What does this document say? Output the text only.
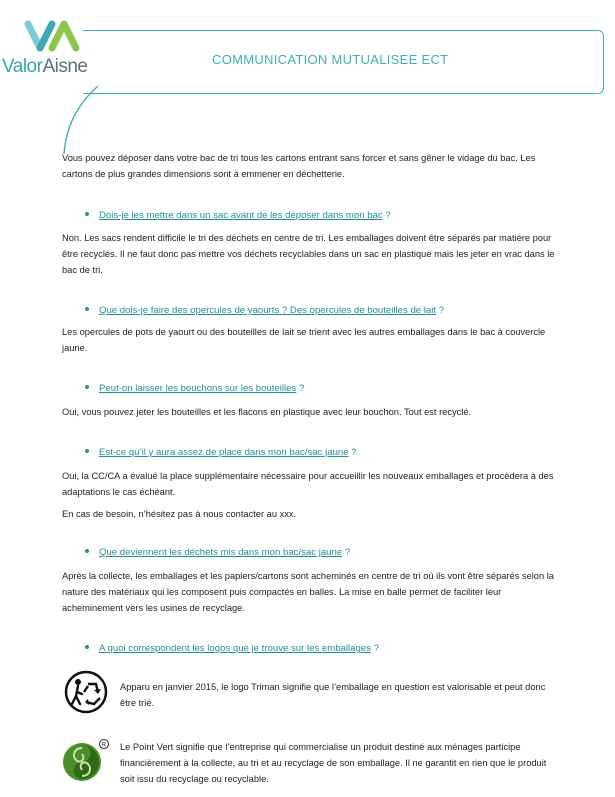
ValorAisne	COMMUNICATION MUTUALISEE ECT
Vous pouvez déposer dans votre bac de tri tous les cartons entrant sans forcer et sans gêner le vidage du bac. Les cartons de plus grandes dimensions sont à emmener en déchetterie.
Dois-je les mettre dans un sac avant de les déposer dans mon bac ?
Non. Les sacs rendent difficile le tri des déchets en centre de tri. Les emballages doivent être séparés par matière pour être recyclés. Il ne faut donc pas mettre vos déchets recyclables dans un sac en plastique mais les jeter en vrac dans le bac de tri.
Que dois-je faire des opercules de yaourts ? Des opercules de bouteilles de lait ?
Les opercules de pots de yaourt ou des bouteilles de lait se trient avec les autres emballages dans le bac à couvercle jaune.
Peut-on laisser les bouchons sur les bouteilles ?
Oui, vous pouvez jeter les bouteilles et les flacons en plastique avec leur bouchon. Tout est recyclé.
Est-ce qu’il y aura assez de place dans mon bac/sac jaune ?
Oui, la CC/CA a évalué la place supplémentaire nécessaire pour accueillir les nouveaux emballages et procèdera à des adaptations le cas échéant.
En cas de besoin, n’hésitez pas à nous contacter au xxx.
Que deviennent les déchets mis dans mon bac/sac jaune ?
Après la collecte, les emballages et les papiers/cartons sont acheminés en centre de tri où ils vont être séparés selon la nature des matériaux qui les composent puis compactés en balles. La mise en balle permet de faciliter leur acheminement vers les usines de recyclage.
A quoi correspondent les logos que je trouve sur les emballages ?
Apparu en janvier 2015, le logo Triman signifie que l’emballage en question est valorisable et peut donc être trié.
R Le Point Vert signifie que l’entreprise qui commercialise un produit destiné aux ménages participe financièrement à la collecte, au tri et au recyclage de son emballage. Il ne garantit en rien que le produit soit issu du recyclage ou recyclable.
